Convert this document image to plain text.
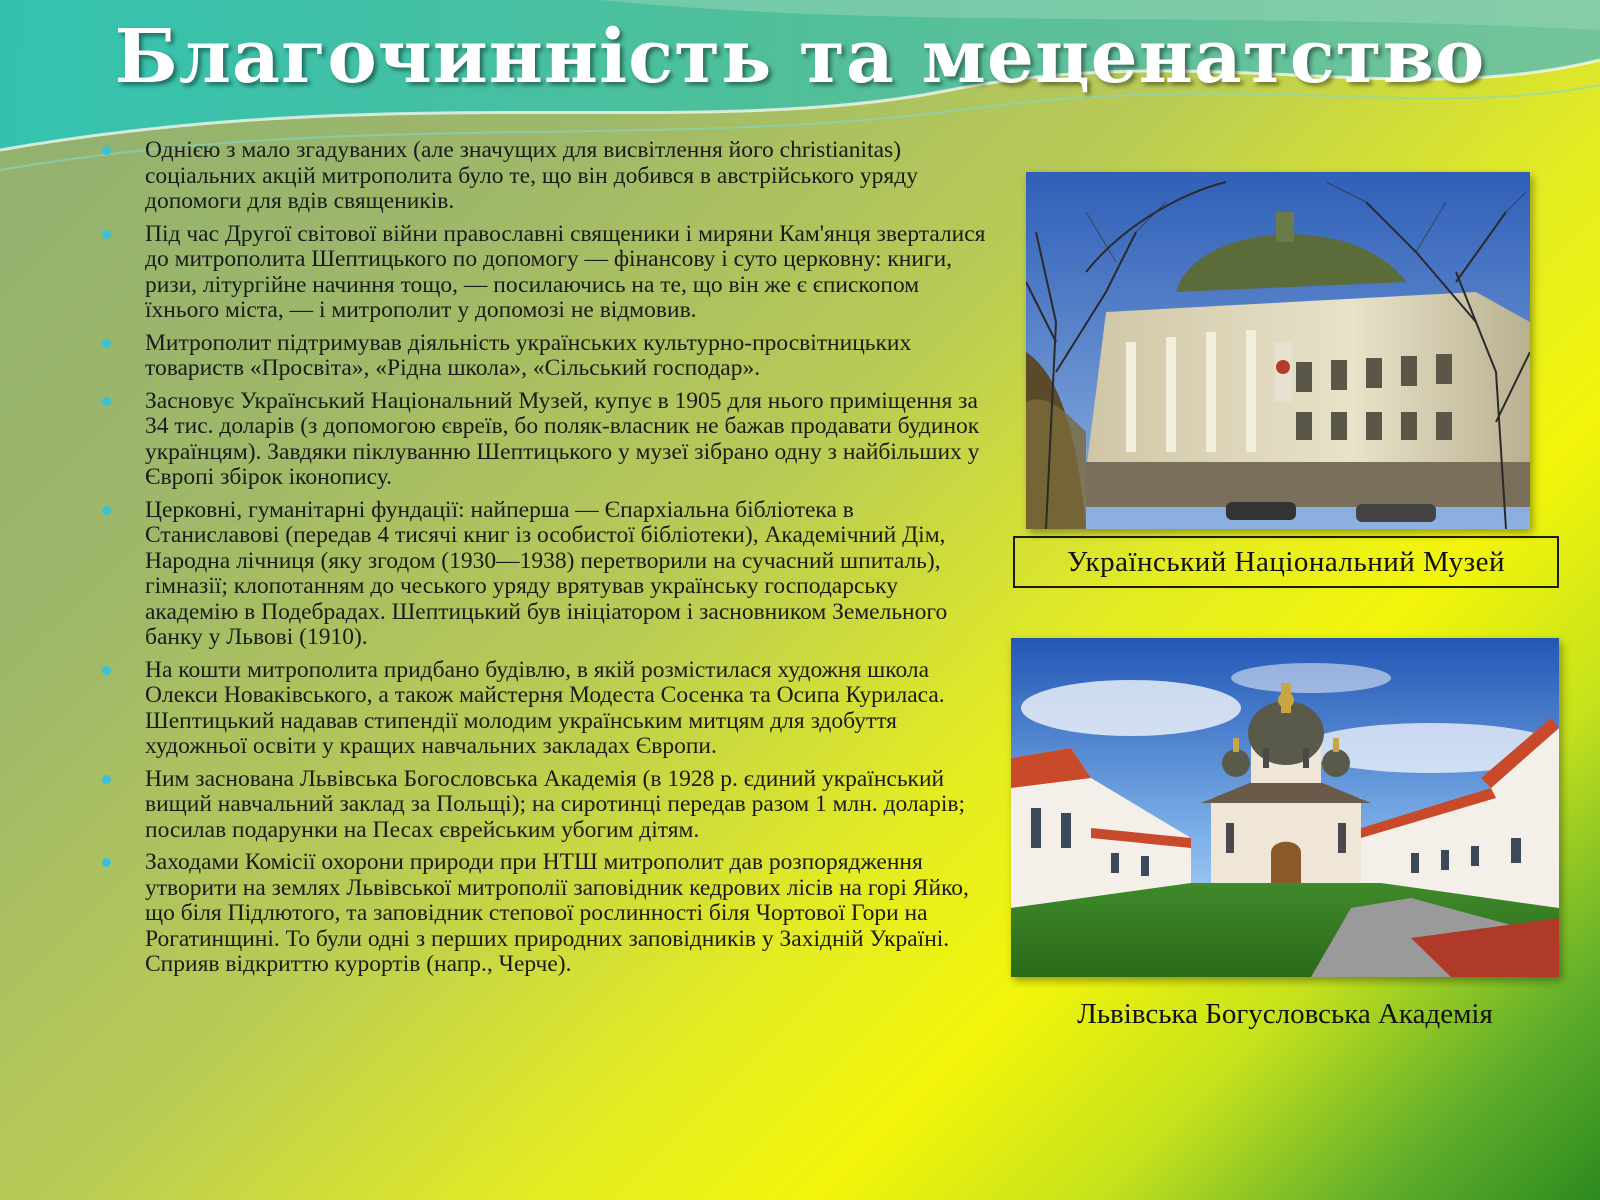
Благочинність та меценатство
Однією з мало згадуваних (але значущих для висвітлення його christianitas) соціальних акцій митрополита було те, що він добився в австрійського уряду допомоги для вдів священиків.
Під час Другої світової війни православні священики і миряни Кам'янця зверталися до митрополита Шептицького по допомогу — фінансову і суто церковну: книги, ризи, літургійне начиння тощо, — посилаючись на те, що він же є єпископом їхнього міста, — і митрополит у допомозі не відмовив.
Митрополит підтримував діяльність українських культурно-просвітницьких товариств «Просвіта», «Рідна школа», «Сільський господар».
Засновує Український Національний Музей, купує в 1905 для нього приміщення за 34 тис. доларів (з допомогою євреїв, бо поляк-власник не бажав продавати будинок українцям). Завдяки піклуванню Шептицького у музеї зібрано одну з найбільших у Європі збірок іконопису.
Церковні, гуманітарні фундації: найперша — Єпархіальна бібліотека в Станиславові (передав 4 тисячі книг із особистої бібліотеки), Академічний Дім, Народна лічниця (яку згодом (1930—1938) перетворили на сучасний шпиталь), гімназії; клопотанням до чеського уряду врятував українську господарську академію в Подебрадах. Шептицький був ініціатором і засновником Земельного банку у Львові (1910).
На кошти митрополита придбано будівлю, в якій розмістилася художня школа Олекси Новаківського, а також майстерня Модеста Сосенка та Осипа Куриласа. Шептицький надавав стипендії молодим українським митцям для здобуття художньої освіти у кращих навчальних закладах Європи.
Ним заснована Львівська Богословська Академія (в 1928 р. єдиний український вищий навчальний заклад за Польщі); на сиротинці передав разом 1 млн. доларів; посилав подарунки на Песах єврейським убогим дітям.
Заходами Комісії охорони природи при НТШ митрополит дав розпорядження утворити на землях Львівської митрополії заповідник кедрових лісів на горі Яйко, що біля Підлютого, та заповідник степової рослинності біля Чортової Гори на Рогатинщині. То були одні з перших природних заповідників у Західній Україні. Сприяв відкриттю курортів (напр., Черче).
Український Національний Музей
Львівська Богусловська Академія
